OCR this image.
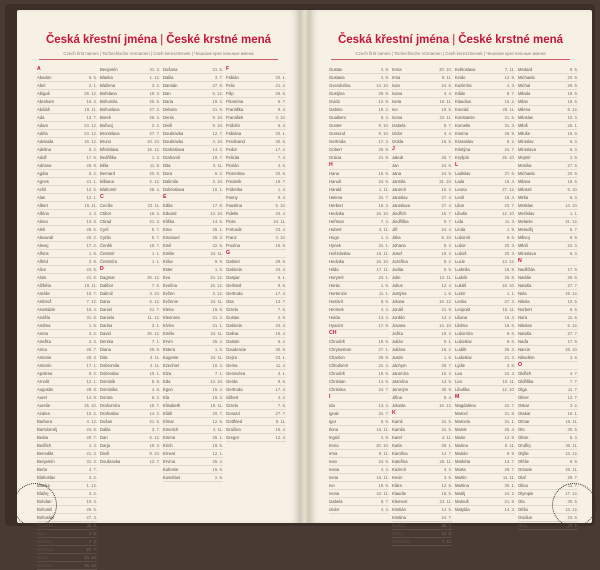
Česká křestní jména | České krstné mená
Czech first names | Tschechische Vornamen | Cseh keresztnevek | Чешские крестильные имена
A
Abadon	6. 5.
Abel	2. 1.
Abigail	29. 12.
Abraham	16. 3.
Abdiáš	19. 11.
Ada	13. 7.
Adam	24. 12.
Adéla	24. 12.
Adelaida	16. 12.
Adelina	5. 2.
Adolf	17. 6.
Adriana	26. 8.
Agáta	5. 2.
Agnes	21. 1.
Achil	12. 5.
Alan	12. 1.
Albert	15. 11.
Albína	1. 3.
Alena	13. 8.
Aleš	28. 5.
Alexandr	26. 2.
Alexej	17. 2.
Alfons	1. 8.
Alfréd	2. 8.
Alice	23. 6.
Alois	21. 6.
Alžběta	19. 11.
Amálie	10. 7.
Ambrož	7. 12.
Anastázie	15. 4.
Anděla	31. 5.
Andrea	1. 5.
Aneta	3. 2.
Anežka	2. 3.
Anna	26. 7.
Antonie	26. 3.
Antonín	17. 1.
Apolena	9. 2.
Arnošt	12. 1.
Augustin	28. 8.
Aurel	14. 9.
Aurelie	15. 10.
Azalea	10. 2.
Barbora	4. 12.
Bartoloměj	24. 8.
Beáta	29. 7.
Bedřich	1. 3.
Benedikt	21. 3.
Benjamín	31. 3.
Berta	4. 7.
Blahoslav	3. 2.
Blanka	1. 12.
Blažej	3. 2.
Bohdan	19. 3.
Bohumil	25. 5.
Bohuslav	27. 3.
Boleslav	11. 2.
Boris	2. 5.
Božena	7. 2.
Bronislav	27. 7.
Bruno	10. 10.
Břetislav	16. 12.
Benjamín	31. 3.
Blanka	1. 12.
Blažena	3. 2.
Bohdana	19. 3.
Bohumila	25. 5.
Bohuslava	27. 3.
Borek	26. 4.
Bořivoj	2. 2.
Bronislava	27. 7.
Bruno	10. 10.
Břetislava	16. 12.
Bedřiška	1. 3.
Běla	11. 8.
Bernard	20. 8.
Bibiana	2. 12.
Blahomír	28. 4.
C
Cecílie	22. 11.
Ctibor	16. 4.
Ctirad	21. 3.
Cyril	5. 7.
Cyrila	5. 7.
Čeněk	19. 7.
Čestmír	1. 1.
Čestmíra	1. 1.
D
Dagmar	30. 12.
Dalibor	7. 6.
Dalimil	3. 10.
Dana	5. 12.
Daniel	21. 7.
Daniela	11. 12.
Darina	3. 1.
David	30. 12.
Denisa	7. 1.
Diana	29. 8.
Dita	3. 11.
Dobromila	4. 11.
Dobroslav	10. 1.
Dominik	8. 8.
Dominika	4. 8.
Dorota	6. 2.
Drahomíra	18. 7.
Drahoslav	14. 2.
Dušan	21. 5.
Dalila	3. 7.
Dan	5. 12.
Darja	19. 3.
Diviš	9. 10.
Doubravka	12. 7.
Dušana	21. 5.
Dalila	3. 7.
Damián	27. 9.
Dan	5. 12.
Daria	19. 3.
Debora	21. 9.
Denis	9. 10.
Diviš	9. 10.
Doubravka	12. 7.
Doubravko	4. 10.
Drahoslava	14. 2.
Drahomír	18. 7.
Dita	3. 11.
Dora	6. 2.
Dalimila	3. 10.
Dobroslava	10. 1.
E
Edita	17. 8.
Eduard	13. 10.
Eliška	14. 6.
Ema	25. 1.
Emanuel	25. 3.
Emil	22. 5.
Emilie	24. 11.
Erika	9. 9.
Ester	1. 6.
Eva	24. 12.
Evelína	16. 12.
Evžen	3. 12.
Evženie	24. 11.
Elena	18. 8.
Eleonora	21. 2.
Elvíra	21. 1.
Emílie	24. 11.
Ervín	25. 4.
Estera	1. 6.
Eugenie	24. 11.
Ezechiel	10. 4.
Elza	7. 1.
Eda	13. 10.
Egon	15. 4.
Ela	18. 3.
Elisabeth	19. 11.
Eliáš	20. 7.
Elmar	12. 6.
Emerich	4. 11.
Emma	25. 1.
Erich	18. 5.
Ernest	12. 1.
Ervína	25. 4.
Eufemie	16. 9.
Eusebius	2. 8.
F
Fabián	20. 1.
Felix	21. 2.
Filip	26. 5.
Filoména	5. 7.
Františka	9. 3.
František	4. 10.
Fridolín	6. 3.
Fabiána	20. 1.
Ferdinand	30. 5.
Fedor	17. 2.
Felicita	7. 3.
Florián	4. 5.
Florentina	20. 6.
Frederik	18. 7.
Friderika	1. 3.
Fanny	9. 3.
Faustina	5. 10.
Fidelie	24. 4.
Flora	24. 11.
Fortunát	23. 4.
Franz	4. 10.
Fruzina	16. 9.
G
Gabriel	29. 9.
Gabriela	24. 3.
Gaspar	6. 1.
Gerhard	9. 6.
Gertruda	17. 3.
Gita	13. 7.
Gizela	7. 5.
Gustav	2. 8.
Gabriela	24. 3.
Galina	16. 4.
Gaston	6. 2.
Gaudencie	30. 8.
Gejza	23. 1.
Gema	11. 4.
Genovéva	3. 1.
Gerda	9. 6.
Gertruda	17. 3.
Gilbert	4. 2.
Gizela	7. 5.
Gorazd	27. 7.
Gottfried	8. 11.
Gražina	16. 4.
Gregor	12. 3.
Česká křestní jména | České krstné mená
Czech first names | Tschechische Vornamen | Cseh keresztnevek | Чешские крестильные имена
Gustav	2. 8.
Gustava	2. 8.
Gvendolína	14. 10.
Gustýna	28. 8.
Gvido	12. 9.
Gabino	19. 2.
Gualtiero	8. 4.
Gunter	9. 10.
Gumund	9. 10.
Gertrúda	17. 3.
Gobert	20. 8.
Grácia	21. 8.
H
Hana	15. 5.
Hanuš	24. 6.
Harald	1. 11.
Helena	31. 7.
Herbert	16. 3.
Hedvika	16. 10.
Heřman	7. 4.
Hubert	3. 11.
Hugo	1. 4.
Hynek	31. 1.
Hvězdoslav	18. 11.
Hedvika	16. 10.
Hilda	17. 11.
Horymír	23. 1.
Horác	1. 5.
Hortenzie	11. 1.
Hostivít	8. 6.
Hromek	4. 4.
Hulda	13. 4.
Hyacint	17. 8.
CH
Chrudoš	19. 5.
Chrysostom	27. 1.
Chariton	28. 9.
Chlodomir	22. 4.
Chrudoš	19. 5.
Christian	14. 5.
Christina	24. 7.
I
Ida	13. 4.
Ignác	31. 7.
Igor	5. 6.
Ilona	16. 11.
Ingrid	2. 9.
Irena	20. 10.
Irma	9. 11.
Ivan	24. 6.
Ivana	4. 4.
Iveta	16. 11.
Ivo	19. 5.
Ivona	22. 11.
Izabela	8. 7.
Izidor	4. 4.
Irena	20. 10.
Irma	9. 11.
Ivan	24. 6.
Ivana	4. 4.
Iveta	16. 11.
Ivo	19. 5.
Ivona	22. 11.
Izabela	8. 7.
Izidor	4. 4.
Izolda	16. 5.
J
Jakub	25. 7.
Jan	24. 6.
Jana	24. 5.
Jarmila	31. 10.
Jaromír	10. 3.
Jaroslav	27. 4.
Jaroslava	27. 4.
Jindřich	15. 7.
Jindřiška	9. 7.
Jiří	24. 4.
Jitka	5. 10.
Johana	8. 3.
Josef	19. 3.
Jozefína	8. 2.
Judita	5. 5.
Julie	12. 11.
Julius	12. 4.
Justýna	1. 6.
Jolana	15. 12.
Jonáš	21. 9.
Jordán	13. 2.
Jovana	14. 10.
Jožka	19. 3.
Julián	9. 1.
Juliána	16. 2.
Justin	1. 6.
Jáchym	26. 7.
Jaromíra	10. 3.
Jasmína	13. 5.
Jeroným	30. 9.
Jiřina	8. 4.
Jolanta	15. 12.
K
Kamil	31. 5.
Kamila	31. 5.
Karel	4. 11.
Karla	28. 1.
Karolína	14. 7.
Kateřina	25. 11.
Kazimír	4. 3.
Kevin	3. 6.
Klára	12. 8.
Klaudie	18. 5.
Klement	23. 11.
Kristián	14. 5.
Kristina	24. 7.
Kryštof	25. 7.
Květa	12. 6.
Květoslav	7. 11.
Květoslava	7. 11.
Kvido	12. 9.
Kazimíra	4. 3.
Kilián	8. 7.
Klaudius	15. 2.
Konrád	26. 11.
Konstantin	21. 5.
Kornelie	31. 3.
Kosma	26. 9.
Krasoslav	8. 2.
Kristýna	24. 7.
Kryšpín	25. 10.
L
Ladislav	27. 6.
Lada	19. 4.
Leona	27. 12.
Leoš	18. 4.
Libor	23. 7.
Libuše	12. 10.
Lída	11. 3.
Linda	1. 9.
Lubomír	9. 6.
Lubor	20. 3.
Luboš	20. 3.
Lucie	13. 12.
Ludmila	16. 9.
Ludvík	25. 8.
Lukáš	18. 10.
Lumír	1. 1.
Lenka	27. 3.
Leopold	15. 11.
Liliana	16. 4.
Liběna	18. 6.
Lubomíra	9. 6.
Luboslav	9. 6.
Luděk	26. 3.
Ludoslav	21. 3.
Lýdie	3. 8.
Lea	22. 3.
Leo	10. 11.
Libuška	12. 10.
M
Magdaléna	22. 7.
Marcel	21. 8.
Marcela	31. 1.
Marek	25. 4.
Marie	12. 9.
Marina	8. 11.
Marián	8. 9.
Markéta	13. 7.
Marta	29. 7.
Martin	11. 11.
Martina	30. 1.
Matěj	24. 2.
Matouš	21. 9.
Matylda	14. 3.
Medard	8. 6.
Michaela	20. 9.
Michal	29. 9.
Milada	18. 9.
Milan	18. 6.
Milena	8. 12.
Miloslav	10. 3.
Miloš	25. 1.
Miluše	16. 9.
Miroslav	6. 3.
Miroslava	6. 3.
Mojmír	2. 9.
Monika	27. 8.
Michaela	20. 9.
Milana	18. 6.
Milosrd	5. 10.
Mirka	6. 3.
Mstislav	14. 10.
Mečislav	1. 1.
Melanie	31. 12.
Metoděj	5. 7.
Milivoj	6. 9.
Miloň	22. 3.
Miroslava	6. 3.
N
Naděžda	17. 9.
Natálie	26. 8.
Nataša	27. 7.
Nela	19. 12.
Nikola	10. 5.
Norbert	6. 6.
Nora	11. 6.
Nikolas	6. 12.
Nataša	27. 7.
Naďa	17. 9.
Narcis	29. 10.
Nikodém	3. 8.
O
Oldřich	4. 7.
Oldřiška	7. 7.
Olga	11. 7.
Oliver	12. 7.
Oskar	3. 2.
Otakar	16. 1.
Otmar	16. 11.
Oto	30. 6.
Olivie	5. 3.
Ondřej	30. 11.
Otýlie	13. 12.
Ofélie	6. 9.
Octavie	20. 11.
Olaf	29. 7.
Olina	11. 7.
Olympie	17. 12.
Ota	30. 6.
Otília	13. 12.
Ovidius	23. 8.
Oleg	20. 9.
